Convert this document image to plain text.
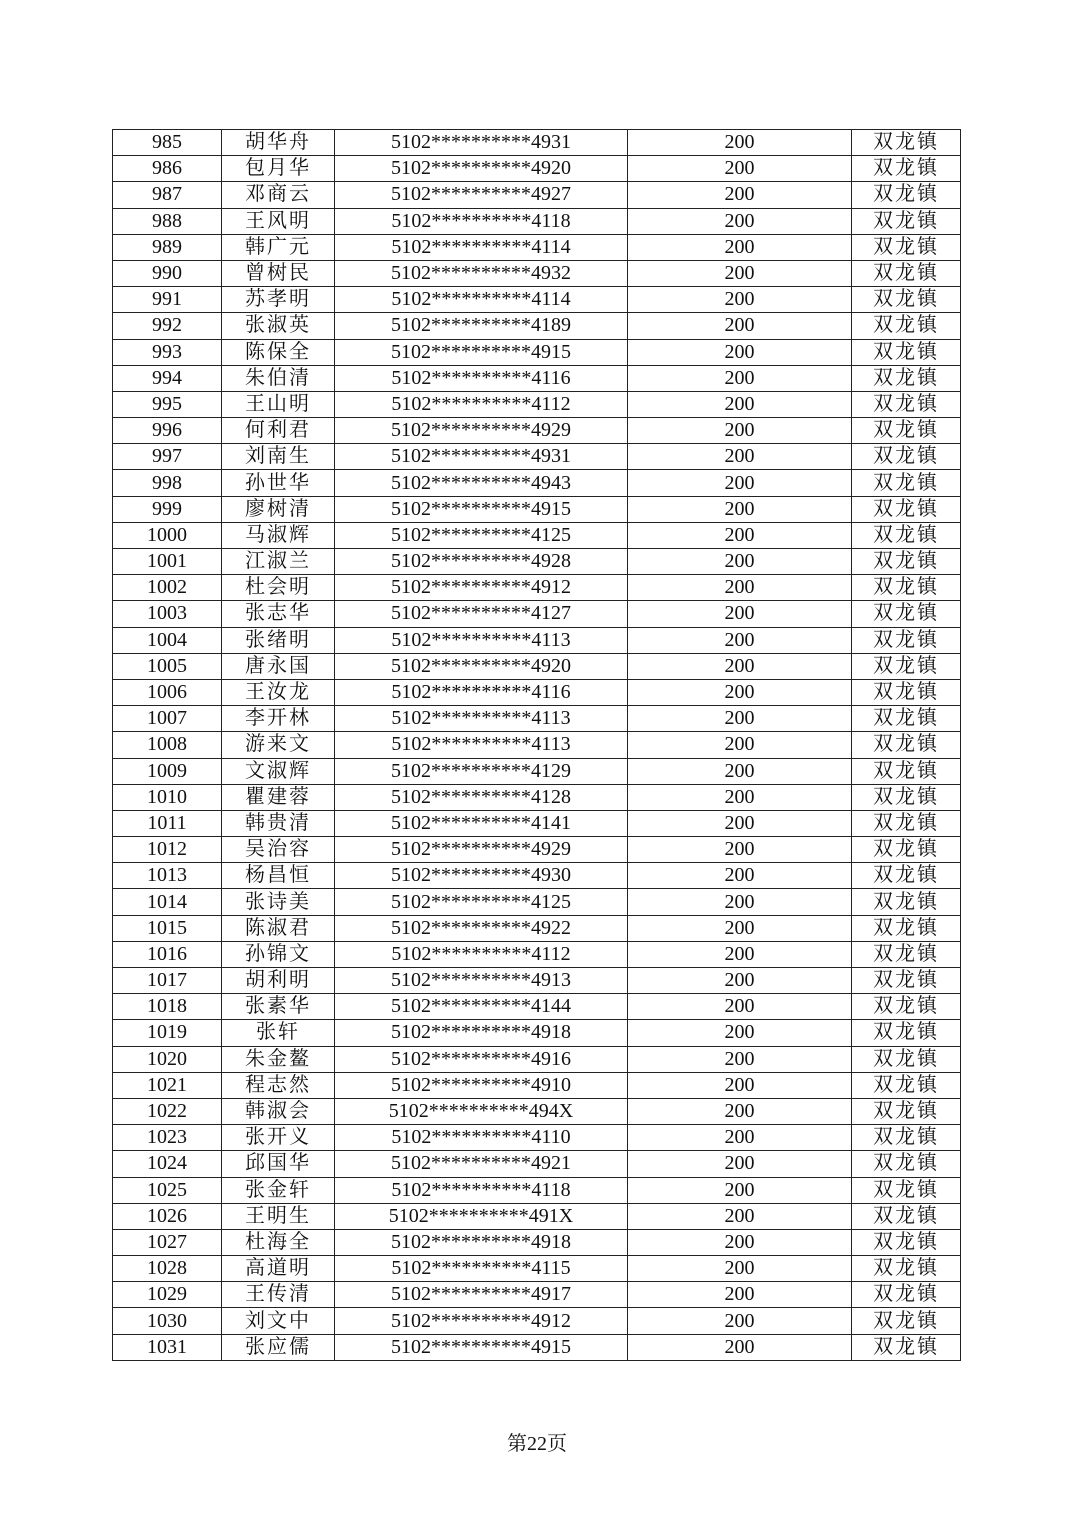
985	胡华舟	5102**********4931	200	双龙镇
986	包月华	5102**********4920	200	双龙镇
987	邓商云	5102**********4927	200	双龙镇
988	王风明	5102**********4118	200	双龙镇
989	韩广元	5102**********4114	200	双龙镇
990	曾树民	5102**********4932	200	双龙镇
991	苏孝明	5102**********4114	200	双龙镇
992	张淑英	5102**********4189	200	双龙镇
993	陈保全	5102**********4915	200	双龙镇
994	朱伯清	5102**********4116	200	双龙镇
995	王山明	5102**********4112	200	双龙镇
996	何利君	5102**********4929	200	双龙镇
997	刘南生	5102**********4931	200	双龙镇
998	孙世华	5102**********4943	200	双龙镇
999	廖树清	5102**********4915	200	双龙镇
1000	马淑辉	5102**********4125	200	双龙镇
1001	江淑兰	5102**********4928	200	双龙镇
1002	杜会明	5102**********4912	200	双龙镇
1003	张志华	5102**********4127	200	双龙镇
1004	张绪明	5102**********4113	200	双龙镇
1005	唐永国	5102**********4920	200	双龙镇
1006	王汝龙	5102**********4116	200	双龙镇
1007	李开林	5102**********4113	200	双龙镇
1008	游来文	5102**********4113	200	双龙镇
1009	文淑辉	5102**********4129	200	双龙镇
1010	瞿建蓉	5102**********4128	200	双龙镇
1011	韩贵清	5102**********4141	200	双龙镇
1012	吴治容	5102**********4929	200	双龙镇
1013	杨昌恒	5102**********4930	200	双龙镇
1014	张诗美	5102**********4125	200	双龙镇
1015	陈淑君	5102**********4922	200	双龙镇
1016	孙锦文	5102**********4112	200	双龙镇
1017	胡利明	5102**********4913	200	双龙镇
1018	张素华	5102**********4144	200	双龙镇
1019	张轩	5102**********4918	200	双龙镇
1020	朱金鳌	5102**********4916	200	双龙镇
1021	程志然	5102**********4910	200	双龙镇
1022	韩淑会	5102**********494X	200	双龙镇
1023	张开义	5102**********4110	200	双龙镇
1024	邱国华	5102**********4921	200	双龙镇
1025	张金轩	5102**********4118	200	双龙镇
1026	王明生	5102**********491X	200	双龙镇
1027	杜海全	5102**********4918	200	双龙镇
1028	高道明	5102**********4115	200	双龙镇
1029	王传清	5102**********4917	200	双龙镇
1030	刘文中	5102**********4912	200	双龙镇
1031	张应儒	5102**********4915	200	双龙镇
第22页
